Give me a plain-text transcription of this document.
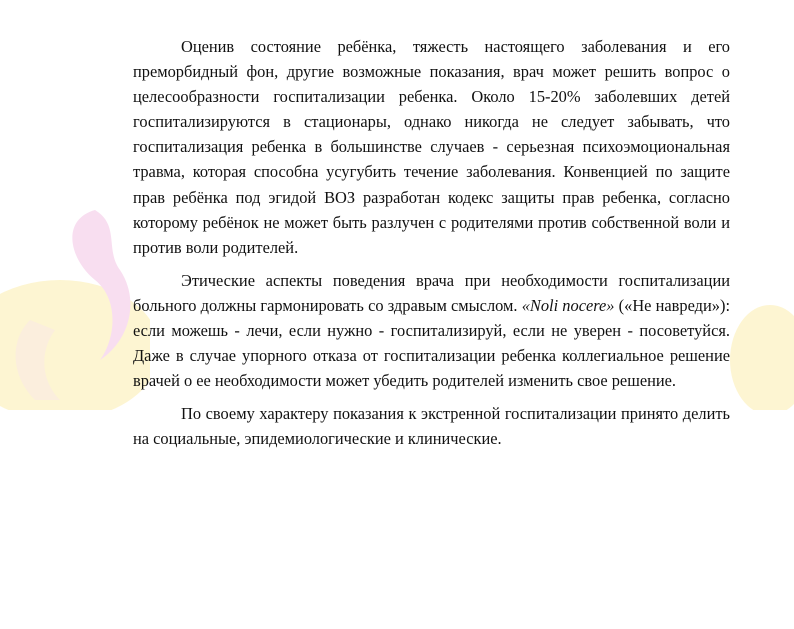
Оценив состояние ребёнка, тяжесть настоящего заболевания и его преморбидный фон, другие возможные показания, врач может решить вопрос о целесообразности госпитализации ребенка. Около 15-20% заболевших детей госпитализируются в стационары, однако никогда не следует забывать, что госпитализация ребенка в большинстве случаев - серьезная психоэмоциональная травма, которая способна усугубить течение заболевания. Конвенцией по защите прав ребёнка под эгидой ВОЗ разработан кодекс защиты прав ребенка, согласно которому ребёнок не может быть разлучен с родителями против собственной воли и против воли родителей.

Этические аспекты поведения врача при необходимости госпитализации больного должны гармонировать со здравым смыслом. «Noli nocere» («Не навреди»): если можешь - лечи, если нужно - госпитализируй, если не уверен - посоветуйся. Даже в случае упорного отказа от госпитализации ребенка коллегиальное решение врачей о ее необходимости может убедить родителей изменить свое решение.

По своему характеру показания к экстренной госпитализации принято делить на социальные, эпидемиологические и клинические.
